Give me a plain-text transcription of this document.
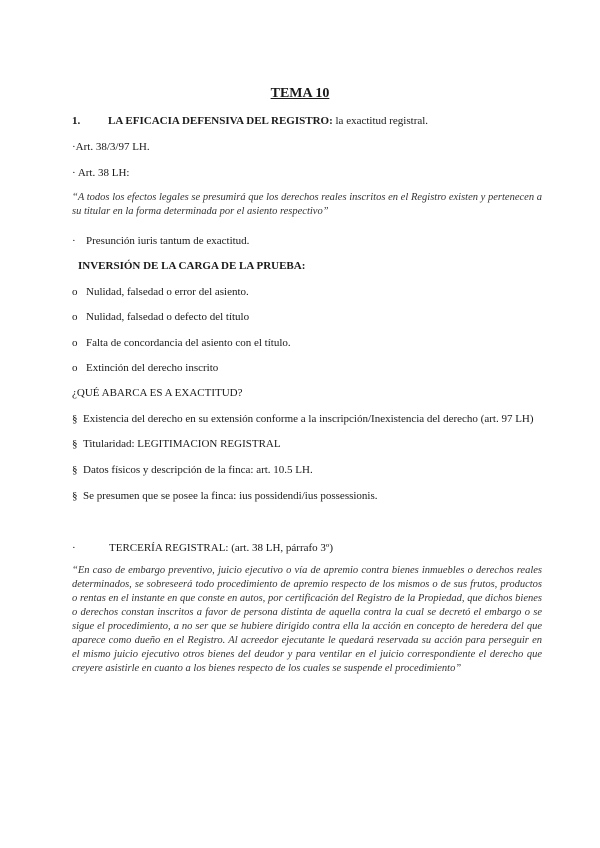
TEMA 10
1.	LA EFICACIA DEFENSIVA DEL REGISTRO: la exactitud registral.
·Art. 38/3/97 LH.
· Art. 38 LH:
“A todos los efectos legales se presumirá que los derechos reales inscritos en el Registro existen y pertenecen a su titular en la forma determinada por el asiento respectivo”
· Presunción iuris tantum de exactitud.
INVERSIÓN DE LA CARGA DE LA PRUEBA:
o Nulidad, falsedad o error del asiento.
o Nulidad, falsedad o defecto del título
o Falta de concordancia del asiento con el título.
o Extinción del derecho inscrito
¿QUÉ ABARCA ES A EXACTITUD?
§ Existencia del derecho en su extensión conforme a la inscripción/Inexistencia del derecho (art. 97 LH)
§ Titularidad: LEGITIMACION REGISTRAL
§ Datos físicos y descripción de la finca: art. 10.5 LH.
§ Se presumen que se posee la finca: ius possidendi/ius possessionis.
·	TERCERÍA REGISTRAL: (art. 38 LH, párrafo 3º)
“En caso de embargo preventivo, juicio ejecutivo o vía de apremio contra bienes inmuebles o derechos reales determinados, se sobreseerá todo procedimiento de apremio respecto de los mismos o de sus frutos, productos o rentas en el instante en que conste en autos, por certificación del Registro de la Propiedad, que dichos bienes o derechos constan inscritos a favor de persona distinta de aquella contra la cual se decretó el embargo o se sigue el procedimiento, a no ser que se hubiere dirigido contra ella la acción en concepto de heredera del que aparece como dueño en el Registro. Al acreedor ejecutante le quedará reservada su acción para perseguir en el mismo juicio ejecutivo otros bienes del deudor y para ventilar en el juicio correspondiente el derecho que creyere asistirle en cuanto a los bienes respecto de los cuales se suspende el procedimiento”
